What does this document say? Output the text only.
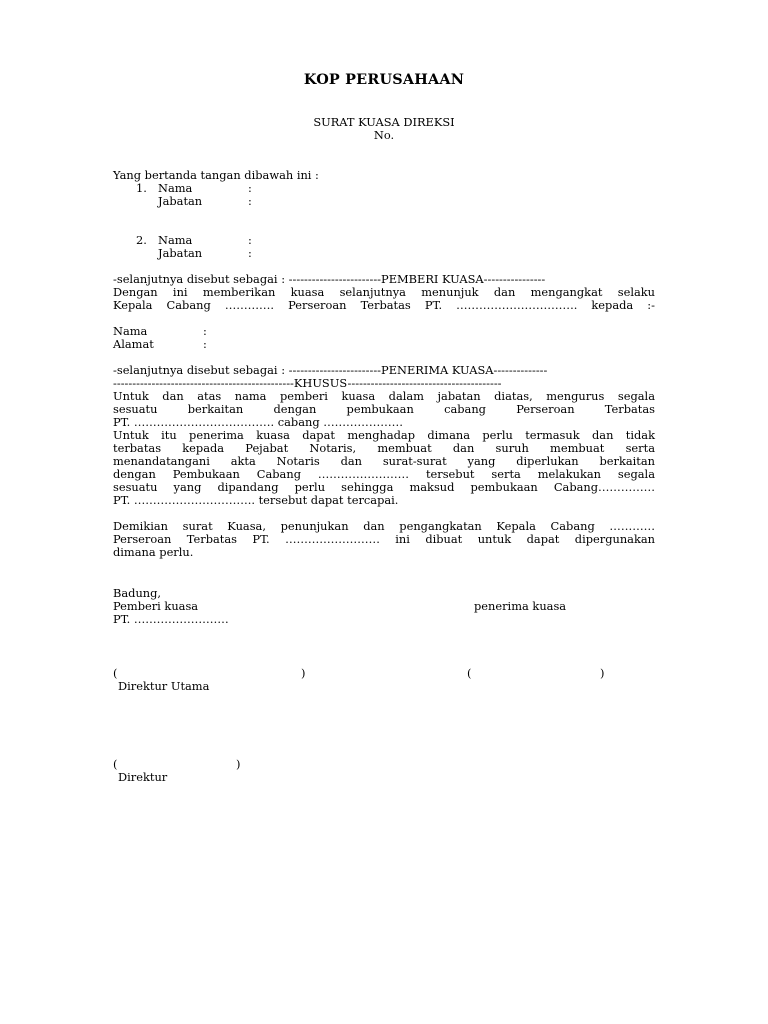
KOP PERUSAHAAN
SURAT KUASA DIREKSI
No.
Yang bertanda tangan dibawah ini :
1. Nama	:
Jabatan	:
2. Nama	:
Jabatan	:
-selanjutnya disebut sebagai : ------------------------PEMBERI KUASA----------------
Dengan ini memberikan kuasa selanjutnya menunjuk dan mengangkat selaku
Kepala Cabang …………. Perseroan Terbatas PT. ………………………….. kepada :-
Nama	:
Alamat	:
-selanjutnya disebut sebagai : ------------------------PENERIMA KUASA--------------
-----------------------------------------------KHUSUS----------------------------------------
Untuk dan atas nama pemberi kuasa dalam jabatan diatas, mengurus segala
sesuatu berkaitan dengan pembukaan cabang Perseroan Terbatas
PT. ………………………………. cabang …………………
Untuk itu penerima kuasa dapat menghadap dimana perlu termasuk dan tidak
terbatas kepada Pejabat Notaris, membuat dan suruh membuat serta
menandatangani akta Notaris dan surat-surat yang diperlukan berkaitan
dengan Pembukaan Cabang …………………… tersebut serta melakukan segala
sesuatu yang dipandang perlu sehingga maksud pembukaan Cabang……………
PT. ………………………….. tersebut dapat tercapai.
Demikian surat Kuasa, penunjukan dan pengangkatan Kepala Cabang …………
Perseroan Terbatas PT. ……………………. ini dibuat untuk dapat dipergunakan
dimana perlu.
Badung,
Pemberi kuasa	penerima kuasa
PT. …………………….
(	)	(	)
Direktur Utama
(	)
Direktur
